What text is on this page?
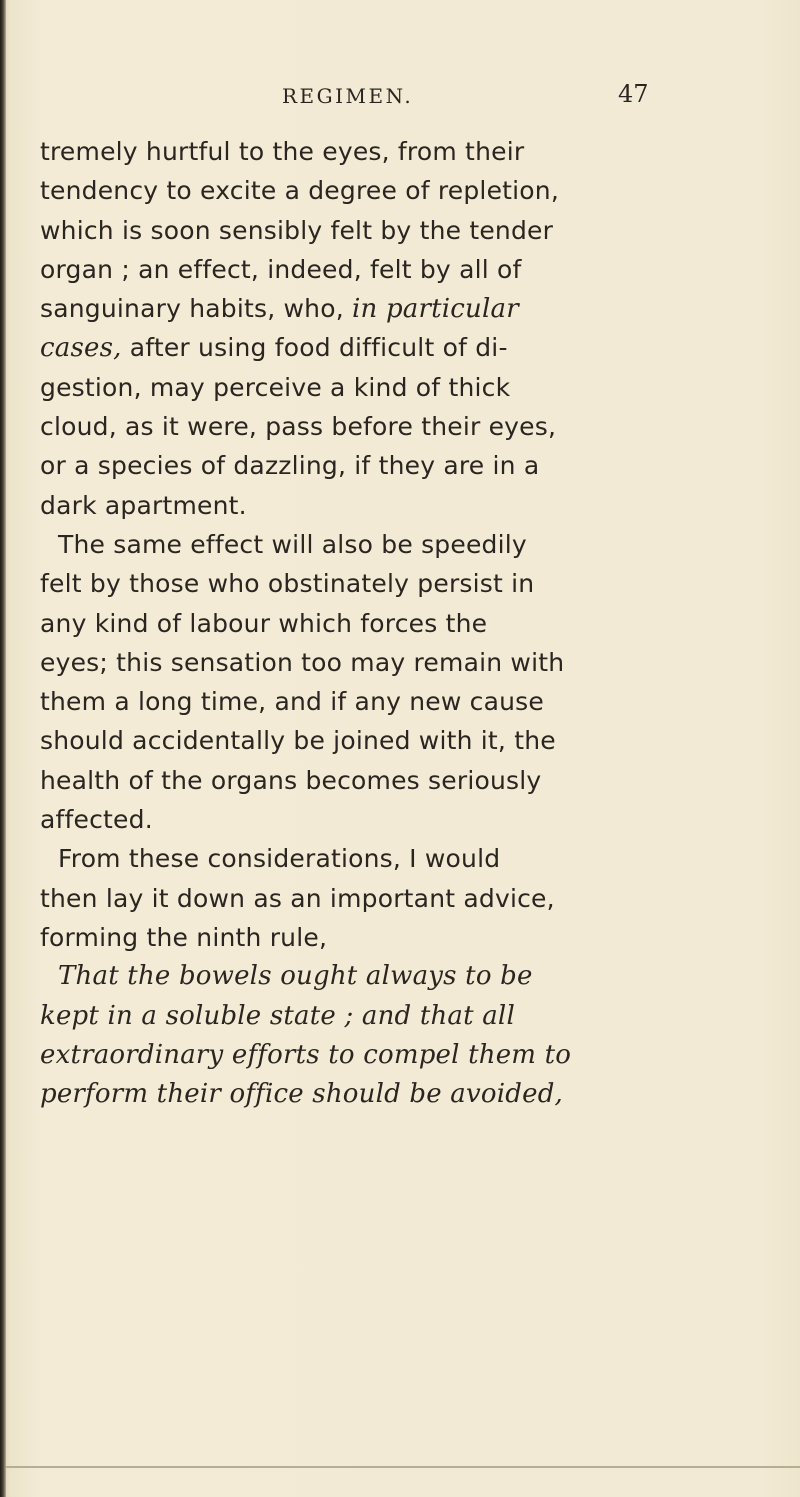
REGIMEN.	47
tremely hurtful to the eyes, from their
tendency to excite a degree of repletion,
which is soon sensibly felt by the tender
organ ; an effect, indeed, felt by all of
sanguinary habits, who, in particular
cases, after using food difficult of di-
gestion, may perceive a kind of thick
cloud, as it were, pass before their eyes,
or a species of dazzling, if they are in a
dark apartment.
The same effect will also be speedily
felt by those who obstinately persist in
any kind of labour which forces the
eyes; this sensation too may remain with
them a long time, and if any new cause
should accidentally be joined with it, the
health of the organs becomes seriously
affected.
From these considerations, I would
then lay it down as an important advice,
forming the ninth rule,
That the bowels ought always to be
kept in a soluble state ; and that all
extraordinary efforts to compel them to
perform their office should be avoided,
